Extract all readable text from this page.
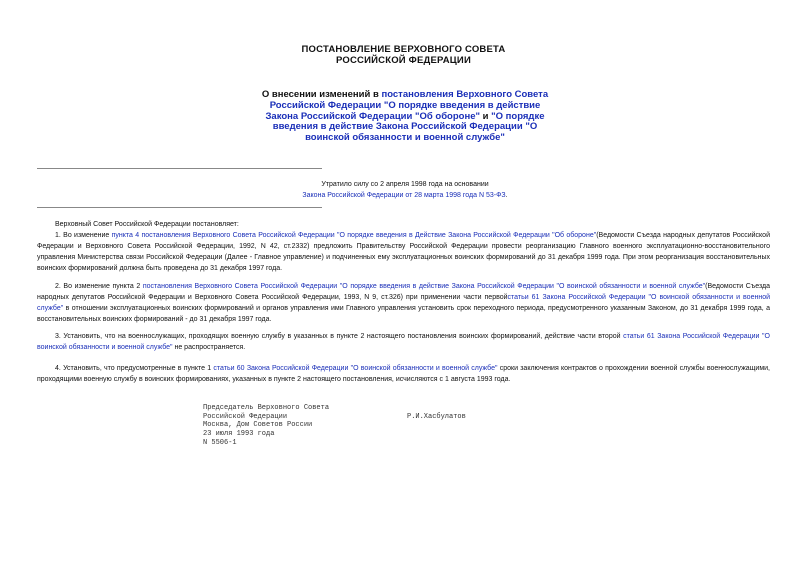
ПОСТАНОВЛЕНИЕ ВЕРХОВНОГО СОВЕТА
РОССИЙСКОЙ ФЕДЕРАЦИИ
О внесении изменений в постановления Верховного Совета Российской Федерации "О порядке введения в действие Закона Российской Федерации "Об обороне" и "О порядке введения в действие Закона Российской Федерации "О воинской обязанности и военной службе"
Утратило силу со 2 апреля 1998 года на основании
Закона Российской Федерации от 28 марта 1998 года N 53-ФЗ.
Верховный Совет Российской Федерации постановляет:

1. Во изменение пункта 4 постановления Верховного Совета Российской Федерации "О порядке введения в Действие Закона Российской Федерации "Об обороне"(Ведомости Съезда народных депутатов Российской Федерации и Верховного Совета Российской Федерации, 1992, N 42, ст.2332) предложить Правительству Российской Федерации провести реорганизацию Главного военного эксплуатационно-восстановительного управления Министерства связи Российской Федерации (Далее - Главное управление) и подчиненных ему эксплуатационных воинских формирований до 31 декабря 1999 года. При этом реорганизация восстановительных воинских формирований должна быть проведена до 31 декабря 1997 года.

2. Во изменение пункта 2 постановления Верховного Совета Российской Федерации "О порядке введения в действие Закона Российской Федерации "О воинской обязанности и военной службе"(Ведомости Съезда народных депутатов Российской Федерации и Верховного Совета Российской Федерации, 1993, N 9, ст.326) при применении части первойстатьи 61 Закона Российской Федерации "О воинской обязанности и военной службе" в отношении эксплуатационных воинских формирований и органов управления ими Главного управления установить срок переходного периода, предусмотренного указанным Законом, до 31 декабря 1999 года, а восстановительных воинских формирований - до 31 декабря 1997 года.

3. Установить, что на военнослужащих, проходящих военную службу в указанных в пункте 2 настоящего постановления воинских формирований, действие части второй статьи 61 Закона Российской Федерации "О воинской обязанности и военной службе" не распространяется.

4. Установить, что предусмотренные в пункте 1 статьи 60 Закона Российской Федерации "О воинской обязанности и военной службе" сроки заключения контрактов о прохождении военной службы военнослужащими, проходящими военную службу в воинских формированиях, указанных в пункте 2 настоящего постановления, исчисляются с 1 августа 1993 года.

Председатель Верховного Совета
Российской Федерации
Москва, Дом Советов России
23 июля 1993 года
N 5506-1
Р.И.Хасбулатов
